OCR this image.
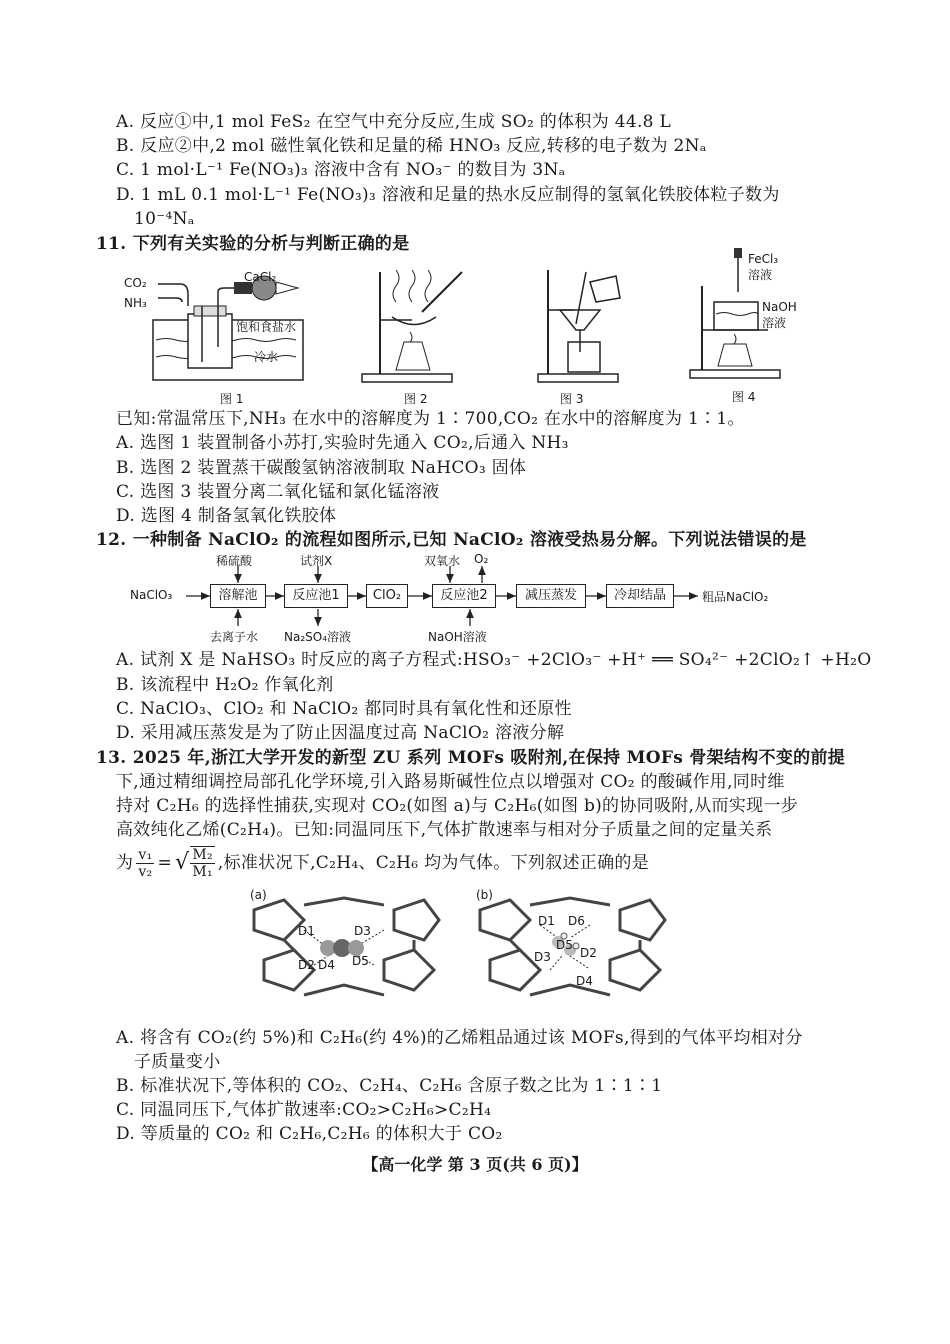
A. 反应①中,1 mol FeS₂ 在空气中充分反应,生成 SO₂ 的体积为 44.8 L
B. 反应②中,2 mol 磁性氧化铁和足量的稀 HNO₃ 反应,转移的电子数为 2Nₐ
C. 1 mol·L⁻¹ Fe(NO₃)₃ 溶液中含有 NO₃⁻ 的数目为 3Nₐ
D. 1 mL 0.1 mol·L⁻¹ Fe(NO₃)₃ 溶液和足量的热水反应制得的氢氧化铁胶体粒子数为
10⁻⁴Nₐ
11. 下列有关实验的分析与判断正确的是
CO₂
NH₃
CaCl₂
饱和食盐水
冷水
图 1	图 2	图 3
FeCl₃
溶液
NaOH
溶液
图 4
已知:常温常压下,NH₃ 在水中的溶解度为 1∶700,CO₂ 在水中的溶解度为 1∶1。
A. 选图 1 装置制备小苏打,实验时先通入 CO₂,后通入 NH₃
B. 选图 2 装置蒸干碳酸氢钠溶液制取 NaHCO₃ 固体
C. 选图 3 装置分离二氧化锰和氯化锰溶液
D. 选图 4 制备氢氧化铁胶体
12. 一种制备 NaClO₂ 的流程如图所示,已知 NaClO₂ 溶液受热易分解。下列说法错误的是
NaClO₃	溶解池	反应池1	ClO₂	反应池2	减压蒸发	冷却结晶	粗品NaClO₂
稀硫酸	试剂X	双氧水 O₂
去离子水 Na₂SO₄溶液	NaOH溶液
A. 试剂 X 是 NaHSO₃ 时反应的离子方程式:HSO₃⁻ +2ClO₃⁻ +H⁺ ══ SO₄²⁻ +2ClO₂↑ +H₂O
B. 该流程中 H₂O₂ 作氧化剂
C. NaClO₃、ClO₂ 和 NaClO₂ 都同时具有氧化性和还原性
D. 采用减压蒸发是为了防止因温度过高 NaClO₂ 溶液分解
13. 2025 年,浙江大学开发的新型 ZU 系列 MOFs 吸附剂,在保持 MOFs 骨架结构不变的前提
下,通过精细调控局部孔化学环境,引入路易斯碱性位点以增强对 CO₂ 的酸碱作用,同时维
持对 C₂H₆ 的选择性捕获,实现对 CO₂(如图 a)与 C₂H₆(如图 b)的协同吸附,从而实现一步
高效纯化乙烯(C₂H₄)。已知:同温同压下,气体扩散速率与相对分子质量之间的定量关系
为 $\frac{\text{v₁}}{\text{v₂}}$ = √ $\frac{\text{M₂}}{\text{M₁}}$ ,标准状况下,C₂H₄、C₂H₆ 均为气体。下列叙述正确的是
(a)
D1	D3
D2 D4 D5
(b)
D1 D6
D5
D2
D3
D4
A. 将含有 CO₂(约 5%)和 C₂H₆(约 4%)的乙烯粗品通过该 MOFs,得到的气体平均相对分
子质量变小
B. 标准状况下,等体积的 CO₂、C₂H₄、C₂H₆ 含原子数之比为 1∶1∶1
C. 同温同压下,气体扩散速率:CO₂>C₂H₆>C₂H₄
D. 等质量的 CO₂ 和 C₂H₆,C₂H₆ 的体积大于 CO₂
【高一化学 第 3 页(共 6 页)】
